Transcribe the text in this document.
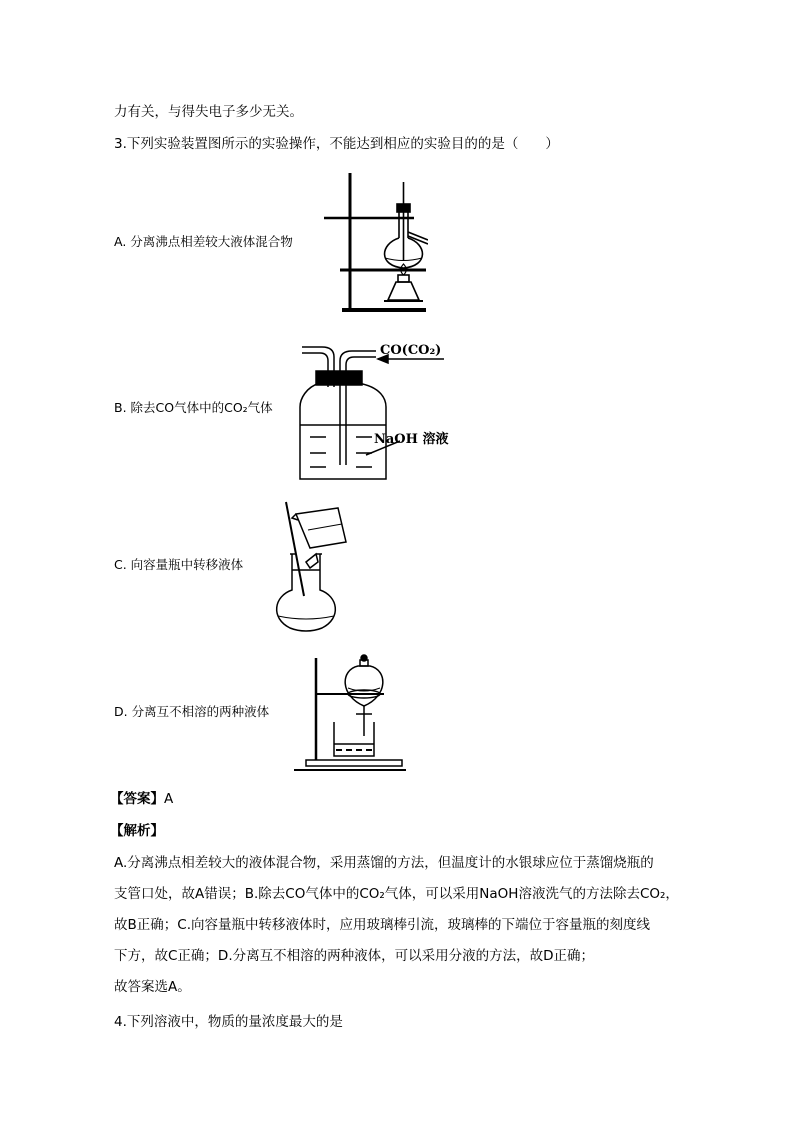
力有关，与得失电子多少无关。
3.下列实验装置图所示的实验操作，不能达到相应的实验目的的是（　　）
A. 分离沸点相差较大液体混合物
B. 除去CO气体中的CO₂气体
CO(CO₂)
NaOH 溶液
C. 向容量瓶中转移液体
D. 分离互不相溶的两种液体
【答案】A
【解析】
A.分离沸点相差较大的液体混合物，采用蒸馏的方法，但温度计的水银球应位于蒸馏烧瓶的
支管口处，故A错误；B.除去CO气体中的CO₂气体，可以采用NaOH溶液洗气的方法除去CO₂，
故B正确；C.向容量瓶中转移液体时，应用玻璃棒引流，玻璃棒的下端位于容量瓶的刻度线
下方，故C正确；D.分离互不相溶的两种液体，可以采用分液的方法，故D正确；
故答案选A。
4.下列溶液中，物质的量浓度最大的是
